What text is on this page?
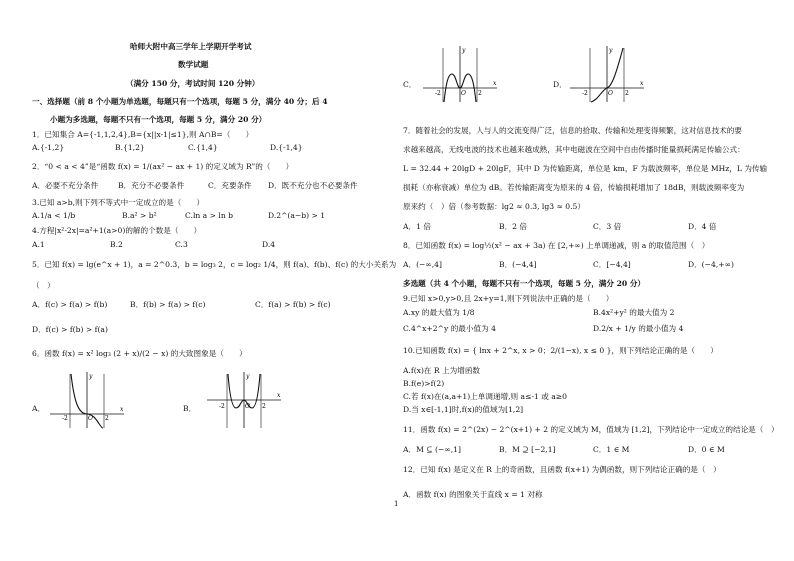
哈师大附中高三学年上学期开学考试
数学试题
（满分 150 分，考试时间 120 分钟）
一、选择题（前 8 个小题为单选题，每题只有一个选项，每题 5 分，满分 40 分；后 4
小题为多选题，每题不只有一个选项，每题 5 分，满分 20 分）
1．已知集合 A={-1,1,2,4},B={x||x-1|≤1},则 A∩B=（　　）
A.{-1,2}	B.{1,2}	C.{1,4}	D.{-1,4}
2．“0 < a < 4”是“函数 f(x) = 1/(ax² − ax + 1) 的定义域为 R”的（　　）
A．必要不充分条件	B．充分不必要条件	C．充要条件 D．既不充分也不必要条件
3.已知 a>b,则下列不等式中一定成立的是（　　）
A.1/a < 1/b	B.a² > b²	C.ln a > ln b	D.2^(a−b) > 1
4.方程|x²-2x|=a²+1(a>0)的解的个数是（　　）
A.1	B.2	C.3	D.4
5．已知 f(x) = lg(e^x + 1)，a = 2^0.3，b = log₃ 2，c = log₂ 1/4，则 f(a)、f(b)、f(c) 的大小关系为
（　）
A．f(c) > f(a) > f(b)	B．f(b) > f(a) > f(c)	C．f(a) > f(b) > f(c)
D．f(c) > f(b) > f(a)
6．函数 f(x) = x² log₃ (2 + x)/(2 − x) 的大致图象是（　　）
A．
-2	2
O
x
y
B．	-2	2
O
x
y
C．
-2	2
O
x
y
D．
-2	2
O
x
y
7．随着社会的发展，人与人的交流变得广泛，信息的拾取、传输和处理变得频繁，这对信息技术的要
求越来越高，无线电波的技术也越来越成熟，其中电磁波在空间中自由传播时能量损耗满足传输公式：
L = 32.44 + 20lgD + 20lgF，其中 D 为传输距离，单位是 km，F 为载波频率，单位是 MHz，L 为传输
损耗（亦称衰减）单位为 dB。若传输距离变为原来的 4 倍，传输损耗增加了 18dB，则载波频率变为
原来约（　）倍（参考数据：lg2 ≈ 0.3, lg3 ≈ 0.5）
A．1 倍	B．2 倍	C．3 倍	D．4 倍
8．已知函数 f(x) = log½(x² − ax + 3a) 在 [2,+∞) 上单调递减，则 a 的取值范围（　）
A．(−∞,4]	B．(−4,4]	C．[−4,4]	D．(−4,+∞)
多选题（共 4 个小题，每题不只有一个选项，每题 5 分，满分 20 分）
9.已知 x>0,y>0,且 2x+y=1,则下列说法中正确的是（　　）
A.xy 的最大值为 1/8	B.4x²+y² 的最大值为 2
C.4^x+2^y 的最小值为 4	D.2/x + 1/y 的最小值为 4
10.已知函数 f(x) = { lnx + 2^x, x > 0；2/(1−x), x ≤ 0 }，则下列结论正确的是（　　）
A.f(x)在 R 上为增函数
B.f(e)>f(2)
C.若 f(x)在(a,a+1)上单调递增,则 a≤-1 或 a≥0
D.当 x∈[-1,1]时,f(x)的值域为[1,2]
11．函数 f(x) = 2^(2x) − 2^(x+1) + 2 的定义域为 M，值域为 [1,2]，下列结论中一定成立的结论是（　）
A．M ⊆ (−∞,1]	B．M ⊇ [−2,1]	C．1 ∈ M	D．0 ∈ M
12．已知 f(x) 是定义在 R 上的奇函数，且函数 f(x+1) 为偶函数，则下列结论正确的是（　）
A．函数 f(x) 的图象关于直线 x = 1 对称
1
